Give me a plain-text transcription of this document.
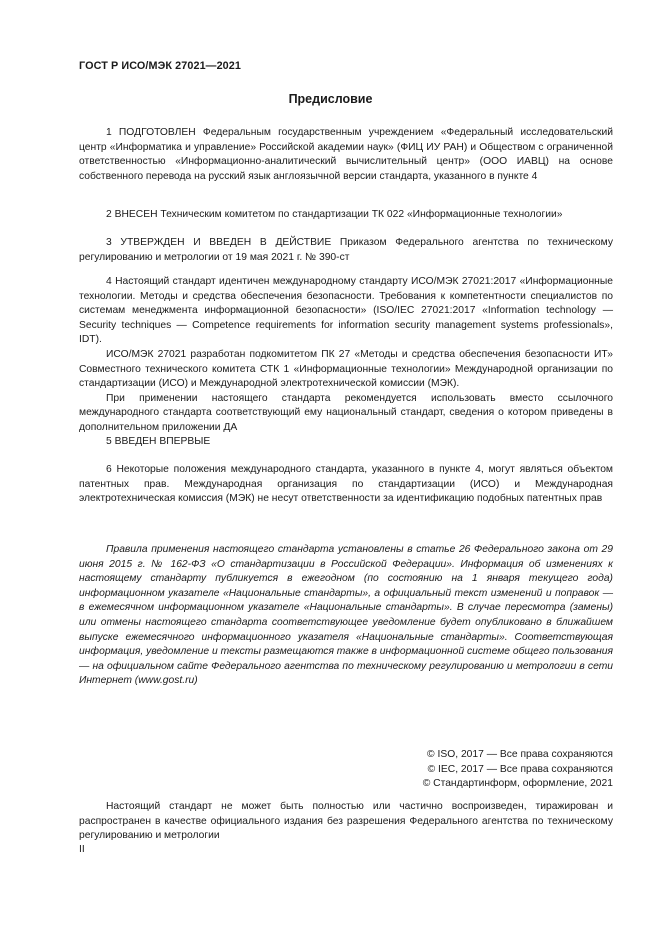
ГОСТ Р ИСО/МЭК 27021—2021
Предисловие

1 ПОДГОТОВЛЕН Федеральным государственным учреждением «Федеральный исследовательский центр «Информатика и управление» Российской академии наук» (ФИЦ ИУ РАН) и Обществом с ограниченной ответственностью «Информационно-аналитический вычислительный центр» (ООО ИАВЦ) на основе собственного перевода на русский язык англоязычной версии стандарта, указанного в пункте 4

2 ВНЕСЕН Техническим комитетом по стандартизации ТК 022 «Информационные технологии»

3 УТВЕРЖДЕН И ВВЕДЕН В ДЕЙСТВИЕ Приказом Федерального агентства по техническому регулированию и метрологии от 19 мая 2021 г. № 390-ст

4 Настоящий стандарт идентичен международному стандарту ИСО/МЭК 27021:2017 «Информационные технологии. Методы и средства обеспечения безопасности. Требования к компетентности специалистов по системам менеджмента информационной безопасности» (ISO/IEC 27021:2017 «Information technology — Security techniques — Competence requirements for information security management systems professionals», IDT).

ИСО/МЭК 27021 разработан подкомитетом ПК 27 «Методы и средства обеспечения безопасности ИТ» Совместного технического комитета СТК 1 «Информационные технологии» Международной организации по стандартизации (ИСО) и Международной электротехнической комиссии (МЭК).

При применении настоящего стандарта рекомендуется использовать вместо ссылочного международного стандарта соответствующий ему национальный стандарт, сведения о котором приведены в дополнительном приложении ДА

5 ВВЕДЕН ВПЕРВЫЕ

6 Некоторые положения международного стандарта, указанного в пункте 4, могут являться объектом патентных прав. Международная организация по стандартизации (ИСО) и Международная электротехническая комиссия (МЭК) не несут ответственности за идентификацию подобных патентных прав

Правила применения настоящего стандарта установлены в статье 26 Федерального закона от 29 июня 2015 г. № 162-ФЗ «О стандартизации в Российской Федерации». Информация об изменениях к настоящему стандарту публикуется в ежегодном (по состоянию на 1 января текущего года) информационном указателе «Национальные стандарты», а официальный текст изменений и поправок — в ежемесячном информационном указателе «Национальные стандарты». В случае пересмотра (замены) или отмены настоящего стандарта соответствующее уведомление будет опубликовано в ближайшем выпуске ежемесячного информационного указателя «Национальные стандарты». Соответствующая информация, уведомление и тексты размещаются также в информационной системе общего пользования — на официальном сайте Федерального агентства по техническому регулированию и метрологии в сети Интернет (www.gost.ru)

© ISO, 2017 — Все права сохраняются
© IEC, 2017 — Все права сохраняются
© Стандартинформ, оформление, 2021

Настоящий стандарт не может быть полностью или частично воспроизведен, тиражирован и распространен в качестве официального издания без разрешения Федерального агентства по техническому регулированию и метрологии

II
